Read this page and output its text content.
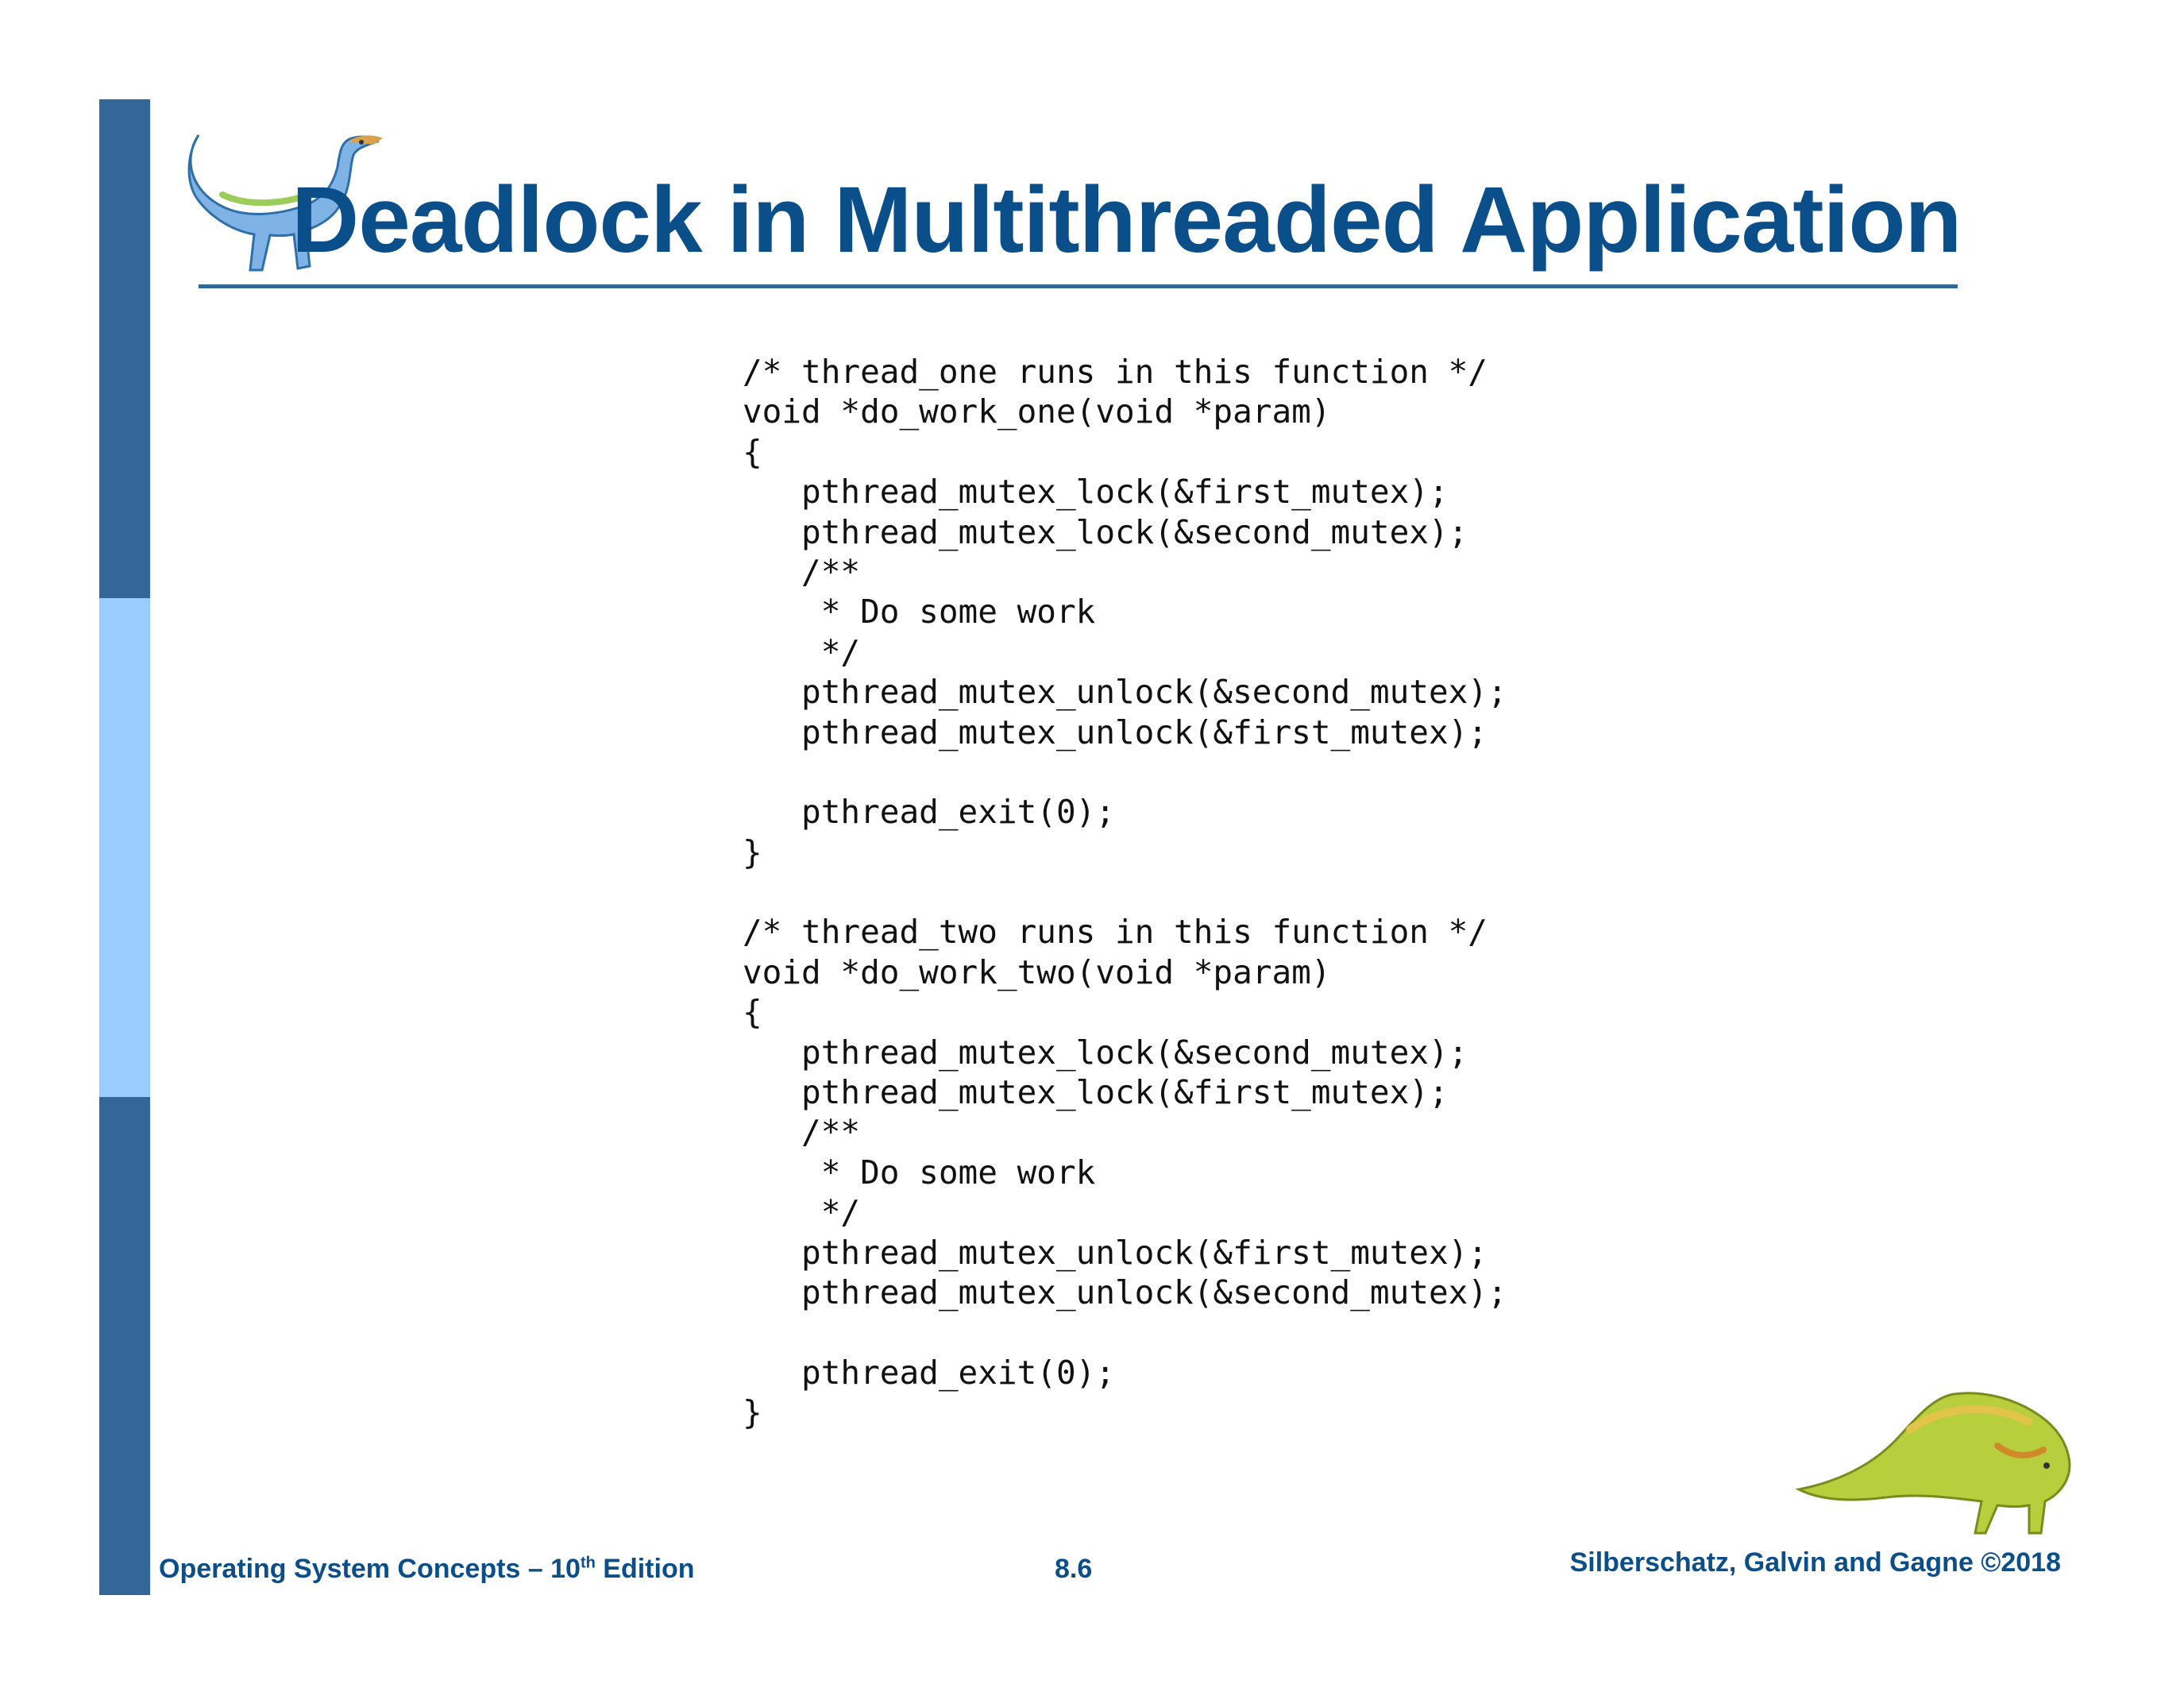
Deadlock in Multithreaded Application
/* thread_one runs in this function */
void *do_work_one(void *param)
{
pthread_mutex_lock(&first_mutex);
pthread_mutex_lock(&second_mutex);
/**
* Do some work
*/
pthread_mutex_unlock(&second_mutex);
pthread_mutex_unlock(&first_mutex);
pthread_exit(0);
}
/* thread_two runs in this function */
void *do_work_two(void *param)
{
pthread_mutex_lock(&second_mutex);
pthread_mutex_lock(&first_mutex);
/**
* Do some work
*/
pthread_mutex_unlock(&first_mutex);
pthread_mutex_unlock(&second_mutex);
pthread_exit(0);
}
Operating System Concepts – 10th Edition	8.6	Silberschatz, Galvin and Gagne ©2018
